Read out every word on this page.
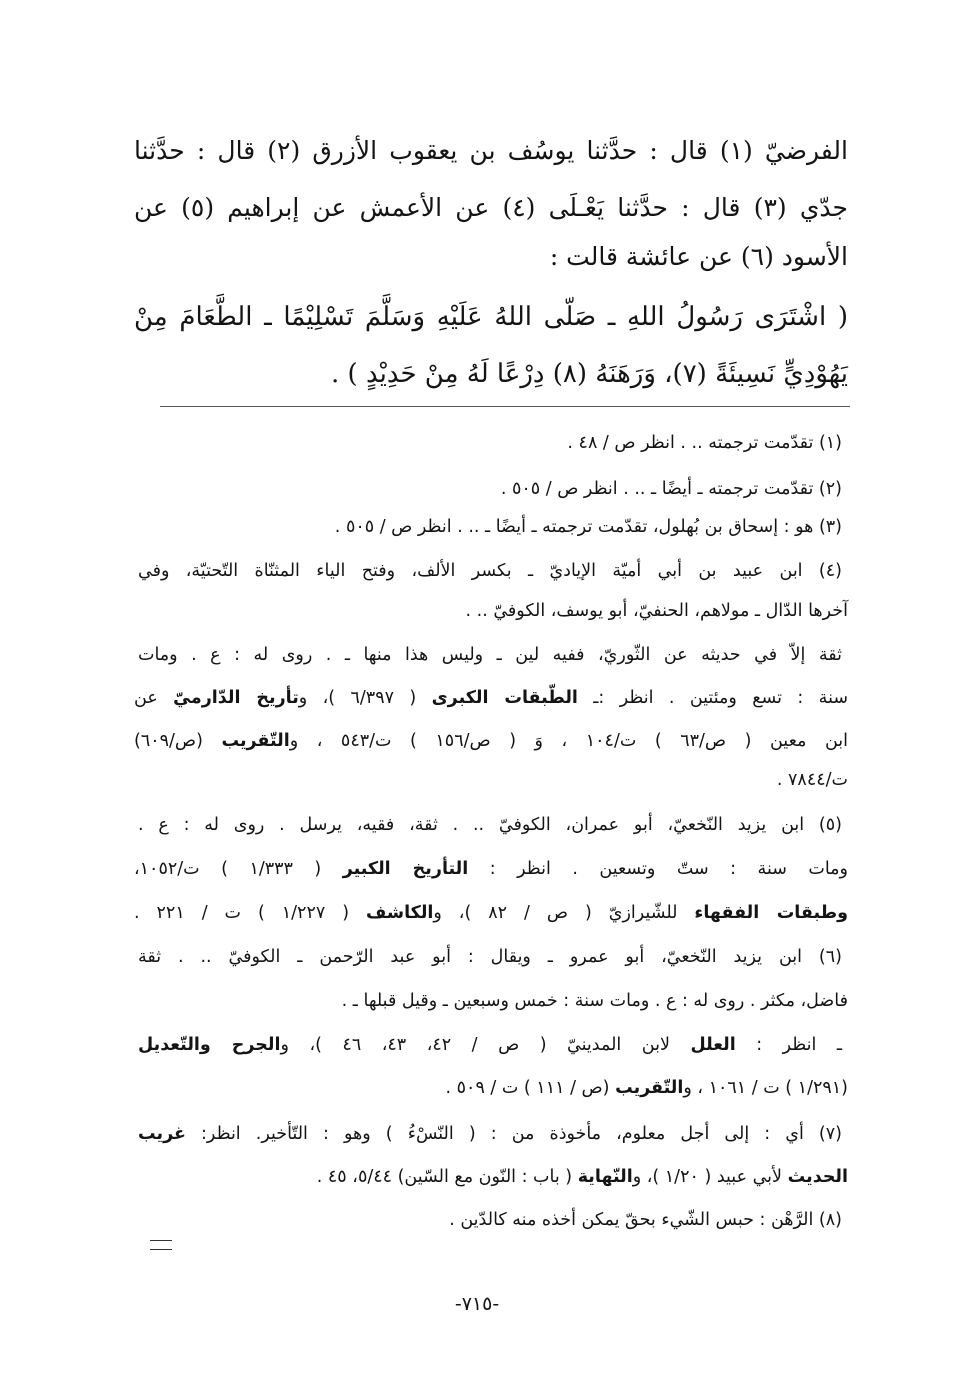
الفرضيّ (١) قال : حدَّثنا يوسُف بن يعقوب الأزرق (٢) قال : حدَّثنا
جدّي (٣) قال : حدَّثنا يَعْـلَى (٤) عن الأعمش عن إبراهيم (٥) عن
الأسود (٦) عن عائشة قالت :
( اشْتَرَى رَسُولُ اللهِ ـ صَلّى اللهُ عَلَيْهِ وَسَلَّمَ تَسْلِيْمًا ـ الطَّعَامَ مِنْ
يَهُوْدِيٍّ نَسِيئَةً (٧)، وَرَهَنَهُ (٨) دِرْعًا لَهُ مِنْ حَدِيْدٍ ) .
(١) تقدّمت ترجمته .. . انظر ص / ٤٨ .
(٢) تقدّمت ترجمته ـ أيضًا ـ .. . انظر ص / ٥٠٥ .
(٣) هو : إسحاق بن بُهلول، تقدّمت ترجمته ـ أيضًا ـ .. . انظر ص / ٥٠٥ .
(٤) ابن عبيد بن أبي أميّة الإياديّ ـ بكسر الألف، وفتح الياء المثنّاة التّحتيّة، وفي
آخرها الدّال ـ مولاهم، الحنفيّ، أبو يوسف، الكوفيّ .. .
ثقة إلاّ في حديثه عن الثّوريّ، ففيه لين ـ وليس هذا منها ـ . روى له : ع . ومات
سنة : تسع ومئتين . انظر :ـ الطّبقات الكبرى ( ٦/٣٩٧ )، وتأريخ الدّارميّ عن
ابن معين ( ص/٦٣ ) ت/١٠٤ ، وَ ( ص/١٥٦ ) ت/٥٤٣ ، والتّقريب (ص/٦٠٩)
ت/٧٨٤٤ .
(٥) ابن يزيد النّخعيّ، أبو عمران، الكوفيّ .. . ثقة، فقيه، يرسل . روى له : ع .
ومات سنة : ستّ وتسعين . انظر : التأريخ الكبير ( ١/٣٣٣ ) ت/١٠٥٢،
وطبقات الفقهاء للشّيرازيّ ( ص / ٨٢ )، والكاشف ( ١/٢٢٧ ) ت / ٢٢١ .
(٦) ابن يزيد النّخعيّ، أبو عمرو ـ ويقال : أبو عبد الرّحمن ـ الكوفيّ .. . ثقة
فاضل، مكثر . روى له : ع . ومات سنة : خمس وسبعين ـ وقيل قبلها ـ .
ـ انظر : العلل لابن المدينيّ ( ص / ٤٢، ٤٣، ٤٦ )، والجرح والتّعديل
(١/٢٩١ ) ت / ١٠٦١ ، والتّقريب (ص / ١١١ ) ت / ٥٠٩ .
(٧) أي : إلى أجل معلوم، مأخوذة من : ( النّسْءُ ) وهو : التّأخير. انظر: غريب
الحديث لأبي عبيد ( ١/٢٠ )، والنّهاية ( باب : النّون مع السّين) ٥/٤٤، ٤٥ .
(٨) الرَّهْن : حبس الشّيء بحقّ يمكن أخذه منه كالدّين .
-٧١٥-
